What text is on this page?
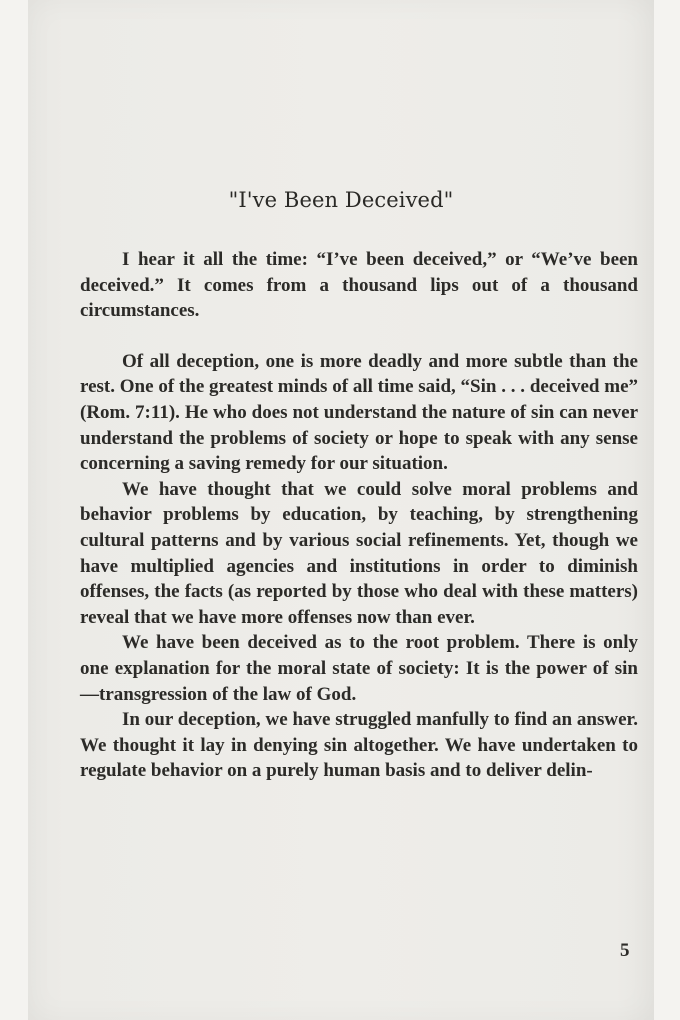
"I've Been Deceived"

I hear it all the time: “I’ve been deceived,” or “We’ve been deceived.” It comes from a thousand lips out of a thousand circumstances.

Of all deception, one is more deadly and more subtle than the rest. One of the greatest minds of all time said, “Sin . . . deceived me” (Rom. 7:11). He who does not understand the nature of sin can never understand the problems of society or hope to speak with any sense concerning a saving remedy for our situation.

We have thought that we could solve moral problems and behavior problems by education, by teaching, by strengthening cultural patterns and by various social refinements. Yet, though we have multiplied agencies and institutions in order to diminish offenses, the facts (as reported by those who deal with these matters) reveal that we have more offenses now than ever.

We have been deceived as to the root problem. There is only one explanation for the moral state of society: It is the power of sin—transgression of the law of God.

In our deception, we have struggled manfully to find an answer. We thought it lay in denying sin altogether. We have undertaken to regulate behavior on a purely human basis and to deliver delin-

5
